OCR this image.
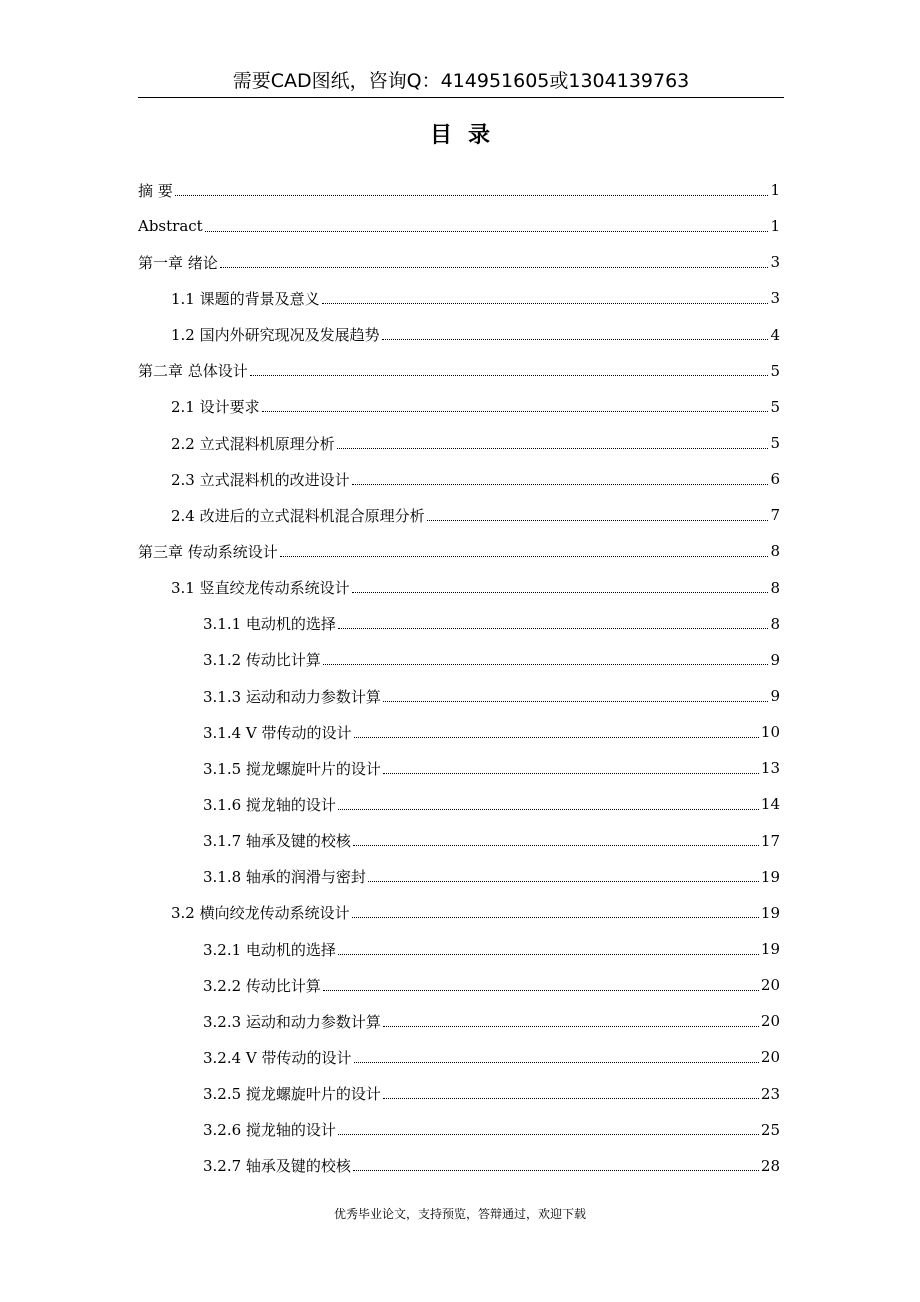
需要CAD图纸，咨询Q：414951605或1304139763
目录
摘 要	1
Abstract	1
第一章 绪论	3
1.1 课题的背景及意义	3
1.2 国内外研究现况及发展趋势	4
第二章 总体设计	5
2.1 设计要求	5
2.2 立式混料机原理分析	5
2.3 立式混料机的改进设计	6
2.4 改进后的立式混料机混合原理分析	7
第三章 传动系统设计	8
3.1 竖直绞龙传动系统设计	8
3.1.1 电动机的选择	8
3.1.2 传动比计算	9
3.1.3 运动和动力参数计算	9
3.1.4 V 带传动的设计	10
3.1.5 搅龙螺旋叶片的设计	13
3.1.6 搅龙轴的设计	14
3.1.7 轴承及键的校核	17
3.1.8 轴承的润滑与密封	19
3.2 横向绞龙传动系统设计	19
3.2.1 电动机的选择	19
3.2.2 传动比计算	20
3.2.3 运动和动力参数计算	20
3.2.4 V 带传动的设计	20
3.2.5 搅龙螺旋叶片的设计	23
3.2.6 搅龙轴的设计	25
3.2.7 轴承及键的校核	28
优秀毕业论文，支持预览，答辩通过，欢迎下载
